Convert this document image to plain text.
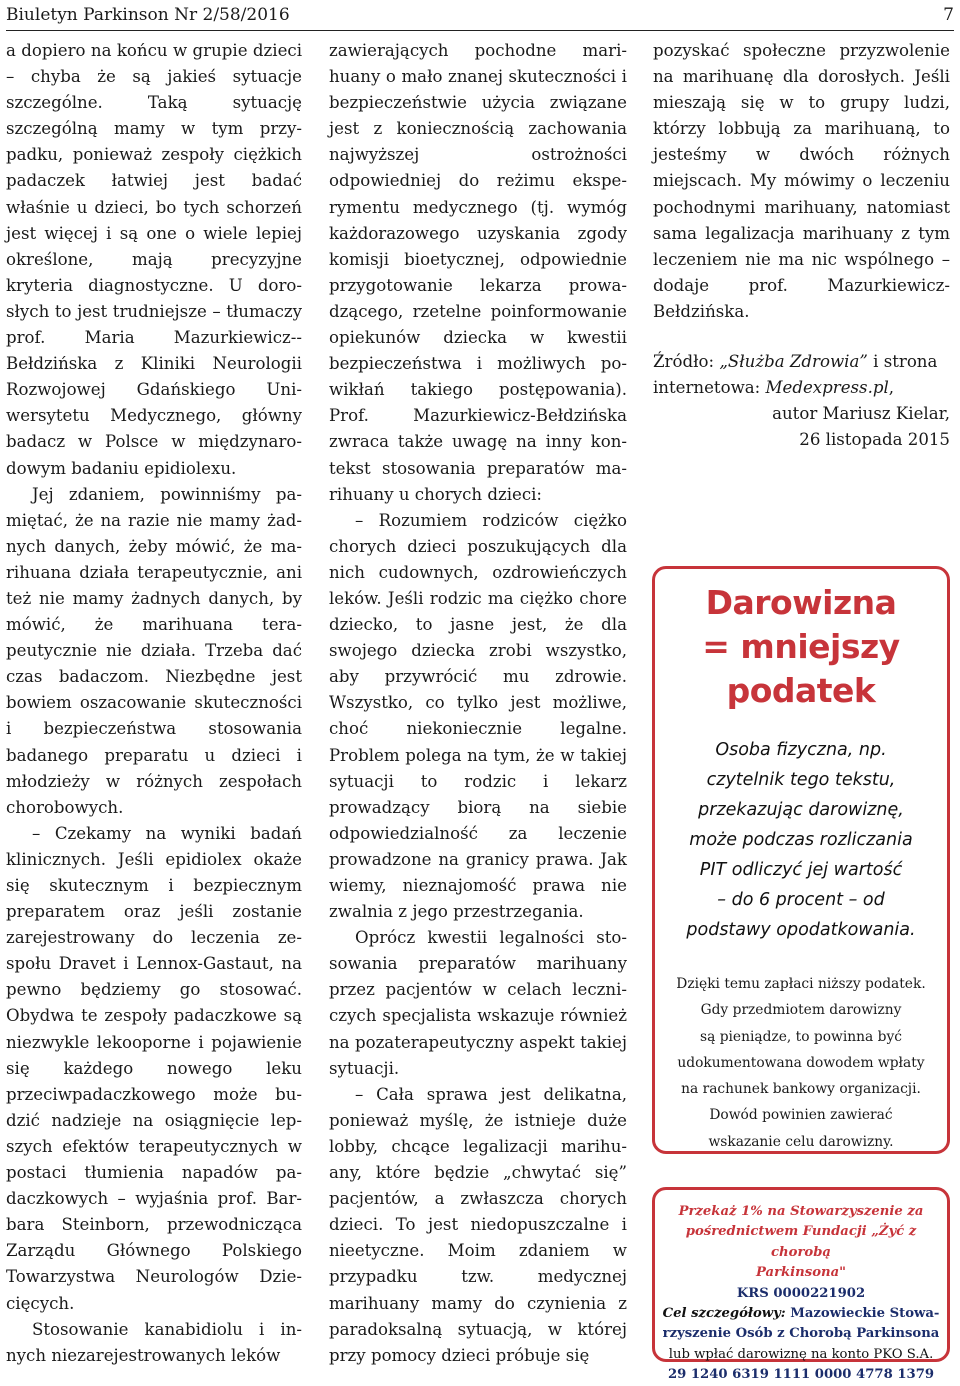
Biuletyn Parkinson Nr 2/58/2016	7

a dopiero na końcu w grupie dzieci – chyba że są jakieś sytuacje szczególne. Taką sytuację szczególną mamy w tym przypadku, ponieważ zespoły ciężkich padaczek łatwiej jest badać właśnie u dzieci, bo tych schorzeń jest więcej i są one o wiele lepiej określone, mają precyzyjne kryteria diagnostyczne. U dorosłych to jest trudniejsze – tłumaczy prof. Maria Mazurkiewicz-Bełdzińska z Kliniki Neurologii Rozwojowej Gdańskiego Uniwersytetu Medycznego, główny badacz w Polsce w międzynarodowym badaniu epidiolexu.

Jej zdaniem, powinniśmy pamiętać, że na razie nie mamy żadnych danych, żeby mówić, że marihuana działa terapeutycznie, ani też nie mamy żadnych danych, by mówić, że marihuana terapeutycznie nie działa. Trzeba dać czas badaczom. Niezbędne jest bowiem oszacowanie skuteczności i bezpieczeństwa stosowania badanego preparatu u dzieci i młodzieży w różnych zespołach chorobowych.

– Czekamy na wyniki badań klinicznych. Jeśli epidiolex okaże się skutecznym i bezpiecznym preparatem oraz jeśli zostanie zarejestrowany do leczenia zespołu Dravet i Lennox-Gastaut, na pewno będziemy go stosować. Obydwa te zespoły padaczkowe są niezwykle lekooporne i pojawienie się każdego nowego leku przeciwpadaczkowego może budzić nadzieje na osiągnięcie lepszych efektów terapeutycznych w postaci tłumienia napadów padaczkowych – wyjaśnia prof. Barbara Steinborn, przewodnicząca Zarządu Głównego Polskiego Towarzystwa Neurologów Dziecięcych.

Stosowanie kanabidiolu i innych niezarejestrowanych leków

zawierających pochodne marihuany o mało znanej skuteczności i bezpieczeństwie użycia związane jest z koniecznością zachowania najwyższej ostrożności odpowiedniej do reżimu eksperymentu medycznego (tj. wymóg każdorazowego uzyskania zgody komisji bioetycznej, odpowiednie przygotowanie lekarza prowadzącego, rzetelne poinformowanie opiekunów dziecka w kwestii bezpieczeństwa i możliwych powikłań takiego postępowania). Prof. Mazurkiewicz-Bełdzińska zwraca także uwagę na inny kontekst stosowania preparatów marihuany u chorych dzieci:

– Rozumiem rodziców ciężko chorych dzieci poszukujących dla nich cudownych, ozdrowieńczych leków. Jeśli rodzic ma ciężko chore dziecko, to jasne jest, że dla swojego dziecka zrobi wszystko, aby przywrócić mu zdrowie. Wszystko, co tylko jest możliwe, choć niekoniecznie legalne. Problem polega na tym, że w takiej sytuacji to rodzic i lekarz prowadzący biorą na siebie odpowiedzialność za leczenie prowadzone na granicy prawa. Jak wiemy, nieznajomość prawa nie zwalnia z jego przestrzegania.

Oprócz kwestii legalności stosowania preparatów marihuany przez pacjentów w celach leczniczych specjalista wskazuje również na pozaterapeutyczny aspekt takiej sytuacji.

– Cała sprawa jest delikatna, ponieważ myślę, że istnieje duże lobby, chcące legalizacji marihuany, które będzie „chwytać się” pacjentów, a zwłaszcza chorych dzieci. To jest niedopuszczalne i nieetyczne. Moim zdaniem w przypadku tzw. medycznej marihuany mamy do czynienia z paradoksalną sytuacją, w której przy pomocy dzieci próbuje się

pozyskać społeczne przyzwolenie na marihuanę dla dorosłych. Jeśli mieszają się w to grupy ludzi, którzy lobbują za marihuaną, to jesteśmy w dwóch różnych miejscach. My mówimy o leczeniu pochodnymi marihuany, natomiast sama legalizacja marihuany z tym leczeniem nie ma nic wspólnego – dodaje prof. Mazurkiewicz-Bełdzińska.

Źródło: „Służba Zdrowia” i strona internetowa: Medexpress.pl,
autor Mariusz Kielar,
26 listopada 2015
Darowizna
= mniejszy
podatek
Osoba fizyczna, np.
czytelnik tego tekstu,
przekazując darowiznę,
może podczas rozliczania
PIT odliczyć jej wartość
– do 6 procent – od
podstawy opodatkowania.
Dzięki temu zapłaci niższy podatek.
Gdy przedmiotem darowizny
są pieniądze, to powinna być
udokumentowana dowodem wpłaty
na rachunek bankowy organizacji.
Dowód powinien zawierać
wskazanie celu darowizny.
Przekaż 1% na Stowarzyszenie za
pośrednictwem Fundacji „Żyć z chorobą
Parkinsona"
KRS 0000221902
Cel szczegółowy: Mazowieckie Stowarzyszenie Osób z Chorobą Parkinsona
lub wpłać darowiznę na konto PKO S.A.
29 1240 6319 1111 0000 4778 1379
